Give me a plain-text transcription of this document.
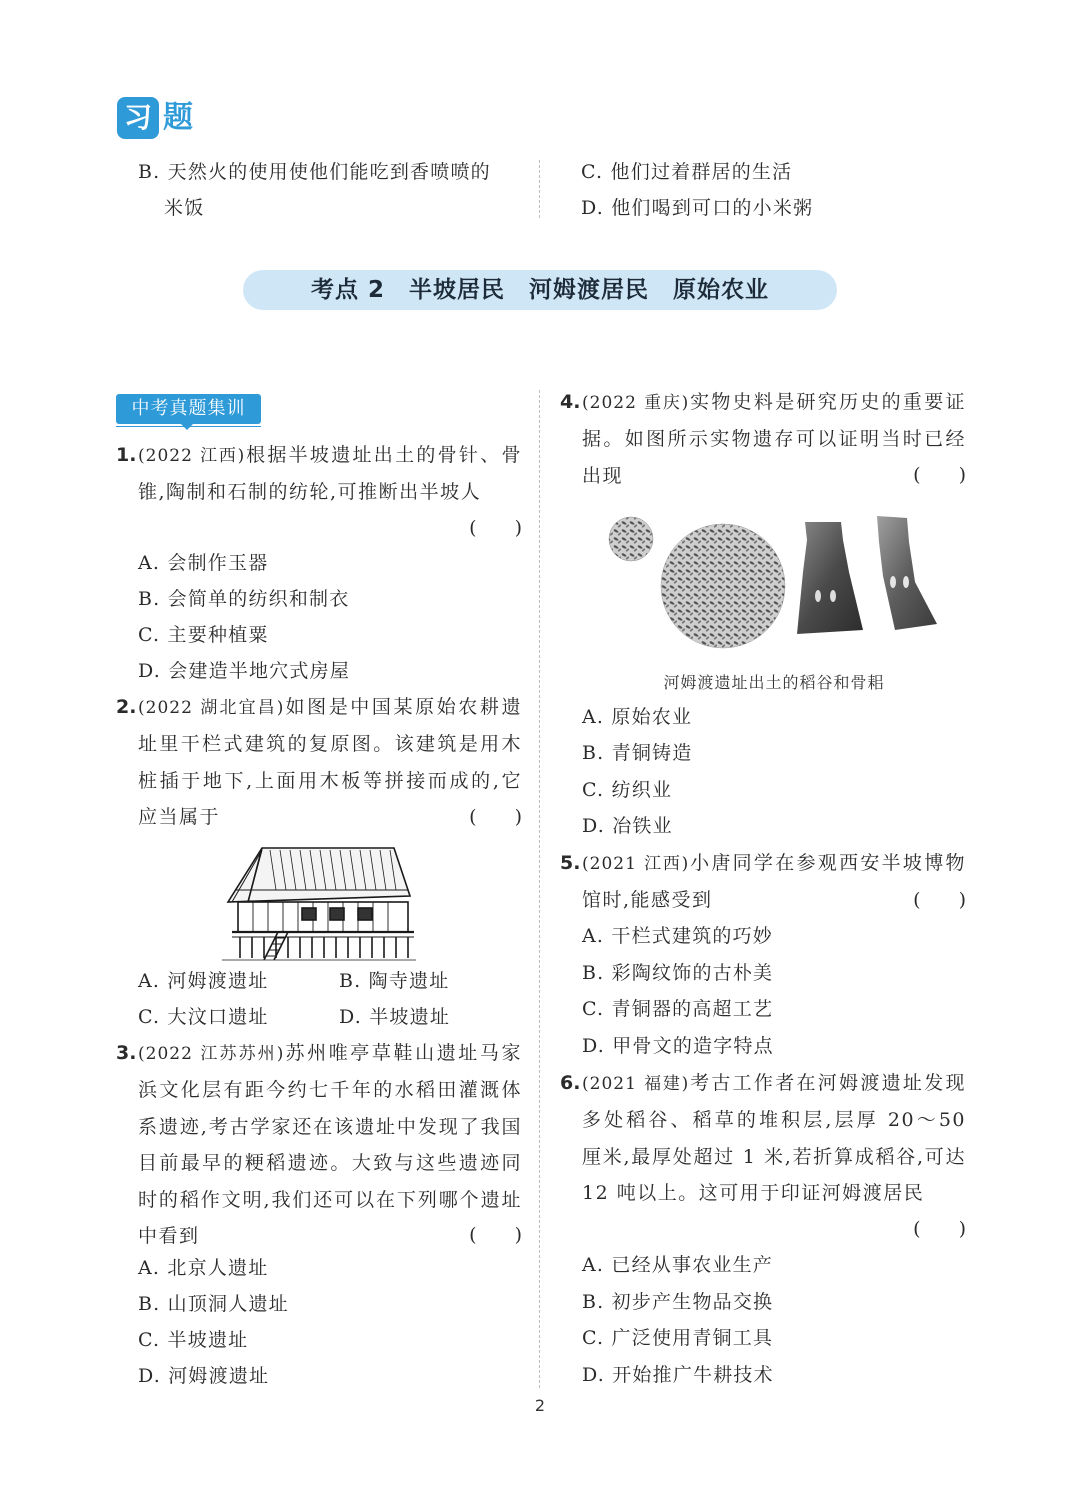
习 题
B. 天然火的使用使他们能吃到香喷喷的
米饭
C. 他们过着群居的生活
D. 他们喝到可口的小米粥
考点 2　半坡居民　河姆渡居民　原始农业
中考真题集训
1. (2022 江西)根据半坡遗址出土的骨针、骨锥,陶制和石制的纺轮,可推断出半坡人
(　　)
A. 会制作玉器
B. 会简单的纺织和制衣
C. 主要种植粟
D. 会建造半地穴式房屋
2. (2022 湖北宜昌)如图是中国某原始农耕遗址里干栏式建筑的复原图。该建筑是用木桩插于地下,上面用木板等拼接而成的,它应当属于	(　　)
A. 河姆渡遗址	B. 陶寺遗址
C. 大汶口遗址	D. 半坡遗址
3. (2022 江苏苏州)苏州唯亭草鞋山遗址马家浜文化层有距今约七千年的水稻田灌溉体系遗迹,考古学家还在该遗址中发现了我国目前最早的粳稻遗迹。大致与这些遗迹同时的稻作文明,我们还可以在下列哪个遗址中看到	(　　)
A. 北京人遗址
B. 山顶洞人遗址
C. 半坡遗址
D. 河姆渡遗址
4. (2022 重庆)实物史料是研究历史的重要证据。如图所示实物遗存可以证明当时已经出现	(　　)
河姆渡遗址出土的稻谷和骨耜
A. 原始农业
B. 青铜铸造
C. 纺织业
D. 冶铁业
5. (2021 江西)小唐同学在参观西安半坡博物馆时,能感受到	(　　)
A. 干栏式建筑的巧妙
B. 彩陶纹饰的古朴美
C. 青铜器的高超工艺
D. 甲骨文的造字特点
6. (2021 福建)考古工作者在河姆渡遗址发现多处稻谷、稻草的堆积层,层厚 20～50 厘米,最厚处超过 1 米,若折算成稻谷,可达 12 吨以上。这可用于印证河姆渡居民
(　　)
A. 已经从事农业生产
B. 初步产生物品交换
C. 广泛使用青铜工具
D. 开始推广牛耕技术
2
